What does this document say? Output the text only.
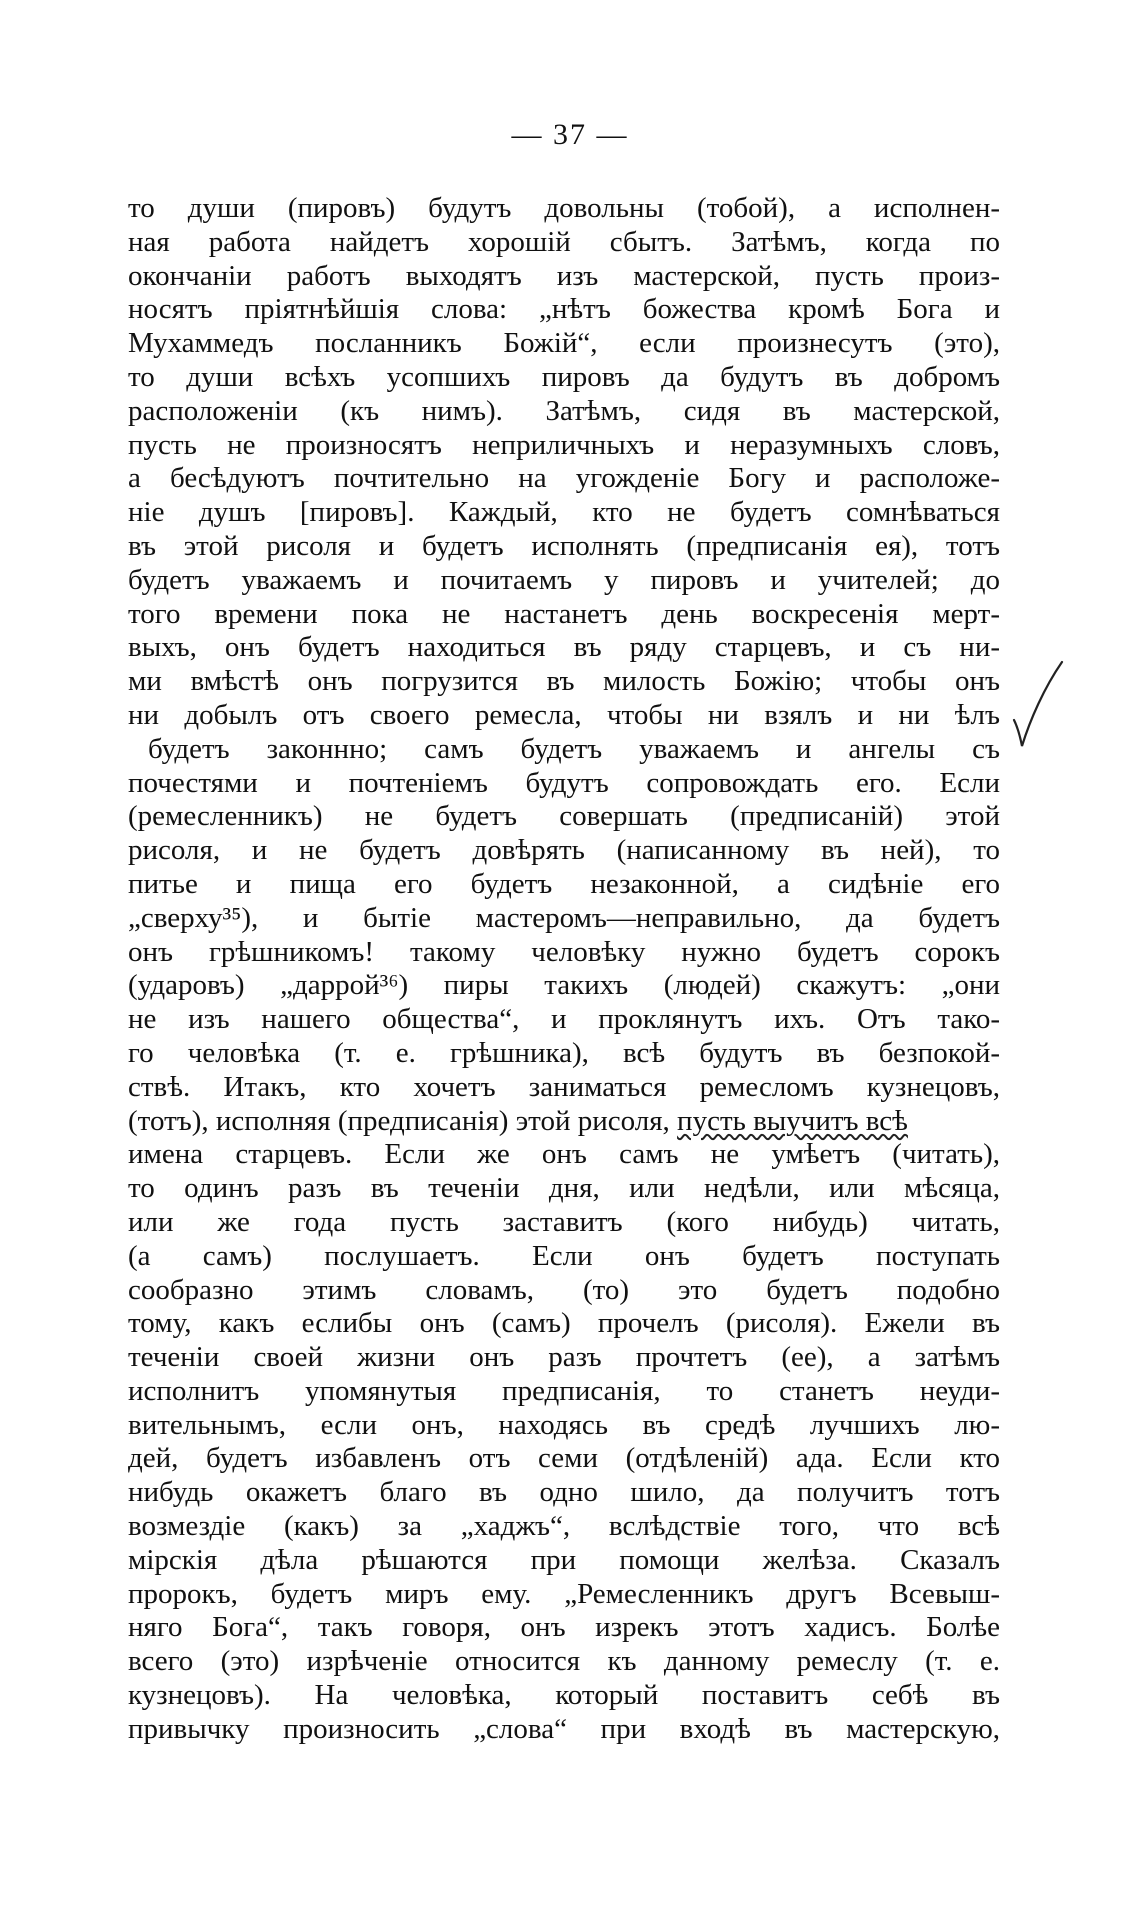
— 37 —
то души (пировъ) будутъ довольны (тобой), а исполнен-
ная работа найдетъ хорошій сбытъ. Затѣмъ, когда по
окончаніи работъ выходятъ изъ мастерской, пусть произ-
носятъ пріятнѣйшія слова: „нѣтъ божества кромѣ Бога и
Мухаммедъ посланникъ Божій“, если произнесутъ (это),
то души всѣхъ усопшихъ пировъ да будутъ въ добромъ
расположеніи (къ нимъ). Затѣмъ, сидя въ мастерской,
пусть не произносятъ неприличныхъ и неразумныхъ словъ,
а бесѣдуютъ почтительно на угожденіе Богу и расположе-
ніе душъ [пировъ]. Каждый, кто не будетъ сомнѣваться
въ этой рисоля и будетъ исполнять (предписанія ея), тотъ
будетъ уважаемъ и почитаемъ у пировъ и учителей; до
того времени пока не настанетъ день воскресенія мерт-
выхъ, онъ будетъ находиться въ ряду старцевъ, и съ ни-
ми вмѣстѣ онъ погрузится въ милость Божію; чтобы онъ
ни добылъ отъ своего ремесла, чтобы ни взялъ и ни ѣлъ
будетъ законнно; самъ будетъ уважаемъ и ангелы съ
почестями и почтеніемъ будутъ сопровождать его. Если
(ремесленникъ) не будетъ совершать (предписаній) этой
рисоля, и не будетъ довѣрять (написанному въ ней), то
питье и пища его будетъ незаконной, а сидѣніе его
„сверху³⁵), и бытіе мастеромъ—неправильно, да будетъ
онъ грѣшникомъ! такому человѣку нужно будетъ сорокъ
(ударовъ) „даррой³⁶) пиры такихъ (людей) скажутъ: „они
не изъ нашего общества“, и проклянутъ ихъ. Отъ тако-
го человѣка (т. е. грѣшника), всѣ будутъ въ безпокой-
ствѣ. Итакъ, кто хочетъ заниматься ремесломъ кузнецовъ,
(тотъ), исполняя (предписанія) этой рисоля, пусть выучитъ всѣ
имена старцевъ. Если же онъ самъ не умѣетъ (читать),
то одинъ разъ въ теченіи дня, или недѣли, или мѣсяца,
или же года пусть заставитъ (кого нибудь) читать,
(а самъ) послушаетъ. Если онъ будетъ поступать
сообразно этимъ словамъ, (то) это будетъ подобно
тому, какъ еслибы онъ (самъ) прочелъ (рисоля). Ежели въ
теченіи своей жизни онъ разъ прочтетъ (ее), а затѣмъ
исполнитъ упомянутыя предписанія, то станетъ неуди-
вительнымъ, если онъ, находясь въ средѣ лучшихъ лю-
дей, будетъ избавленъ отъ семи (отдѣленій) ада. Если кто
нибудь окажетъ благо въ одно шило, да получитъ тотъ
возмездіе (какъ) за „хаджъ“, вслѣдствіе того, что всѣ
мірскія дѣла рѣшаются при помощи желѣза. Сказалъ
пророкъ, будетъ миръ ему. „Ремесленникъ другъ Всевыш-
няго Бога“, такъ говоря, онъ изрекъ этотъ хадисъ. Болѣе
всего (это) изрѣченіе относится къ данному ремеслу (т. е.
кузнецовъ). На человѣка, который поставитъ себѣ въ
привычку произносить „слова“ при входѣ въ мастерскую,
